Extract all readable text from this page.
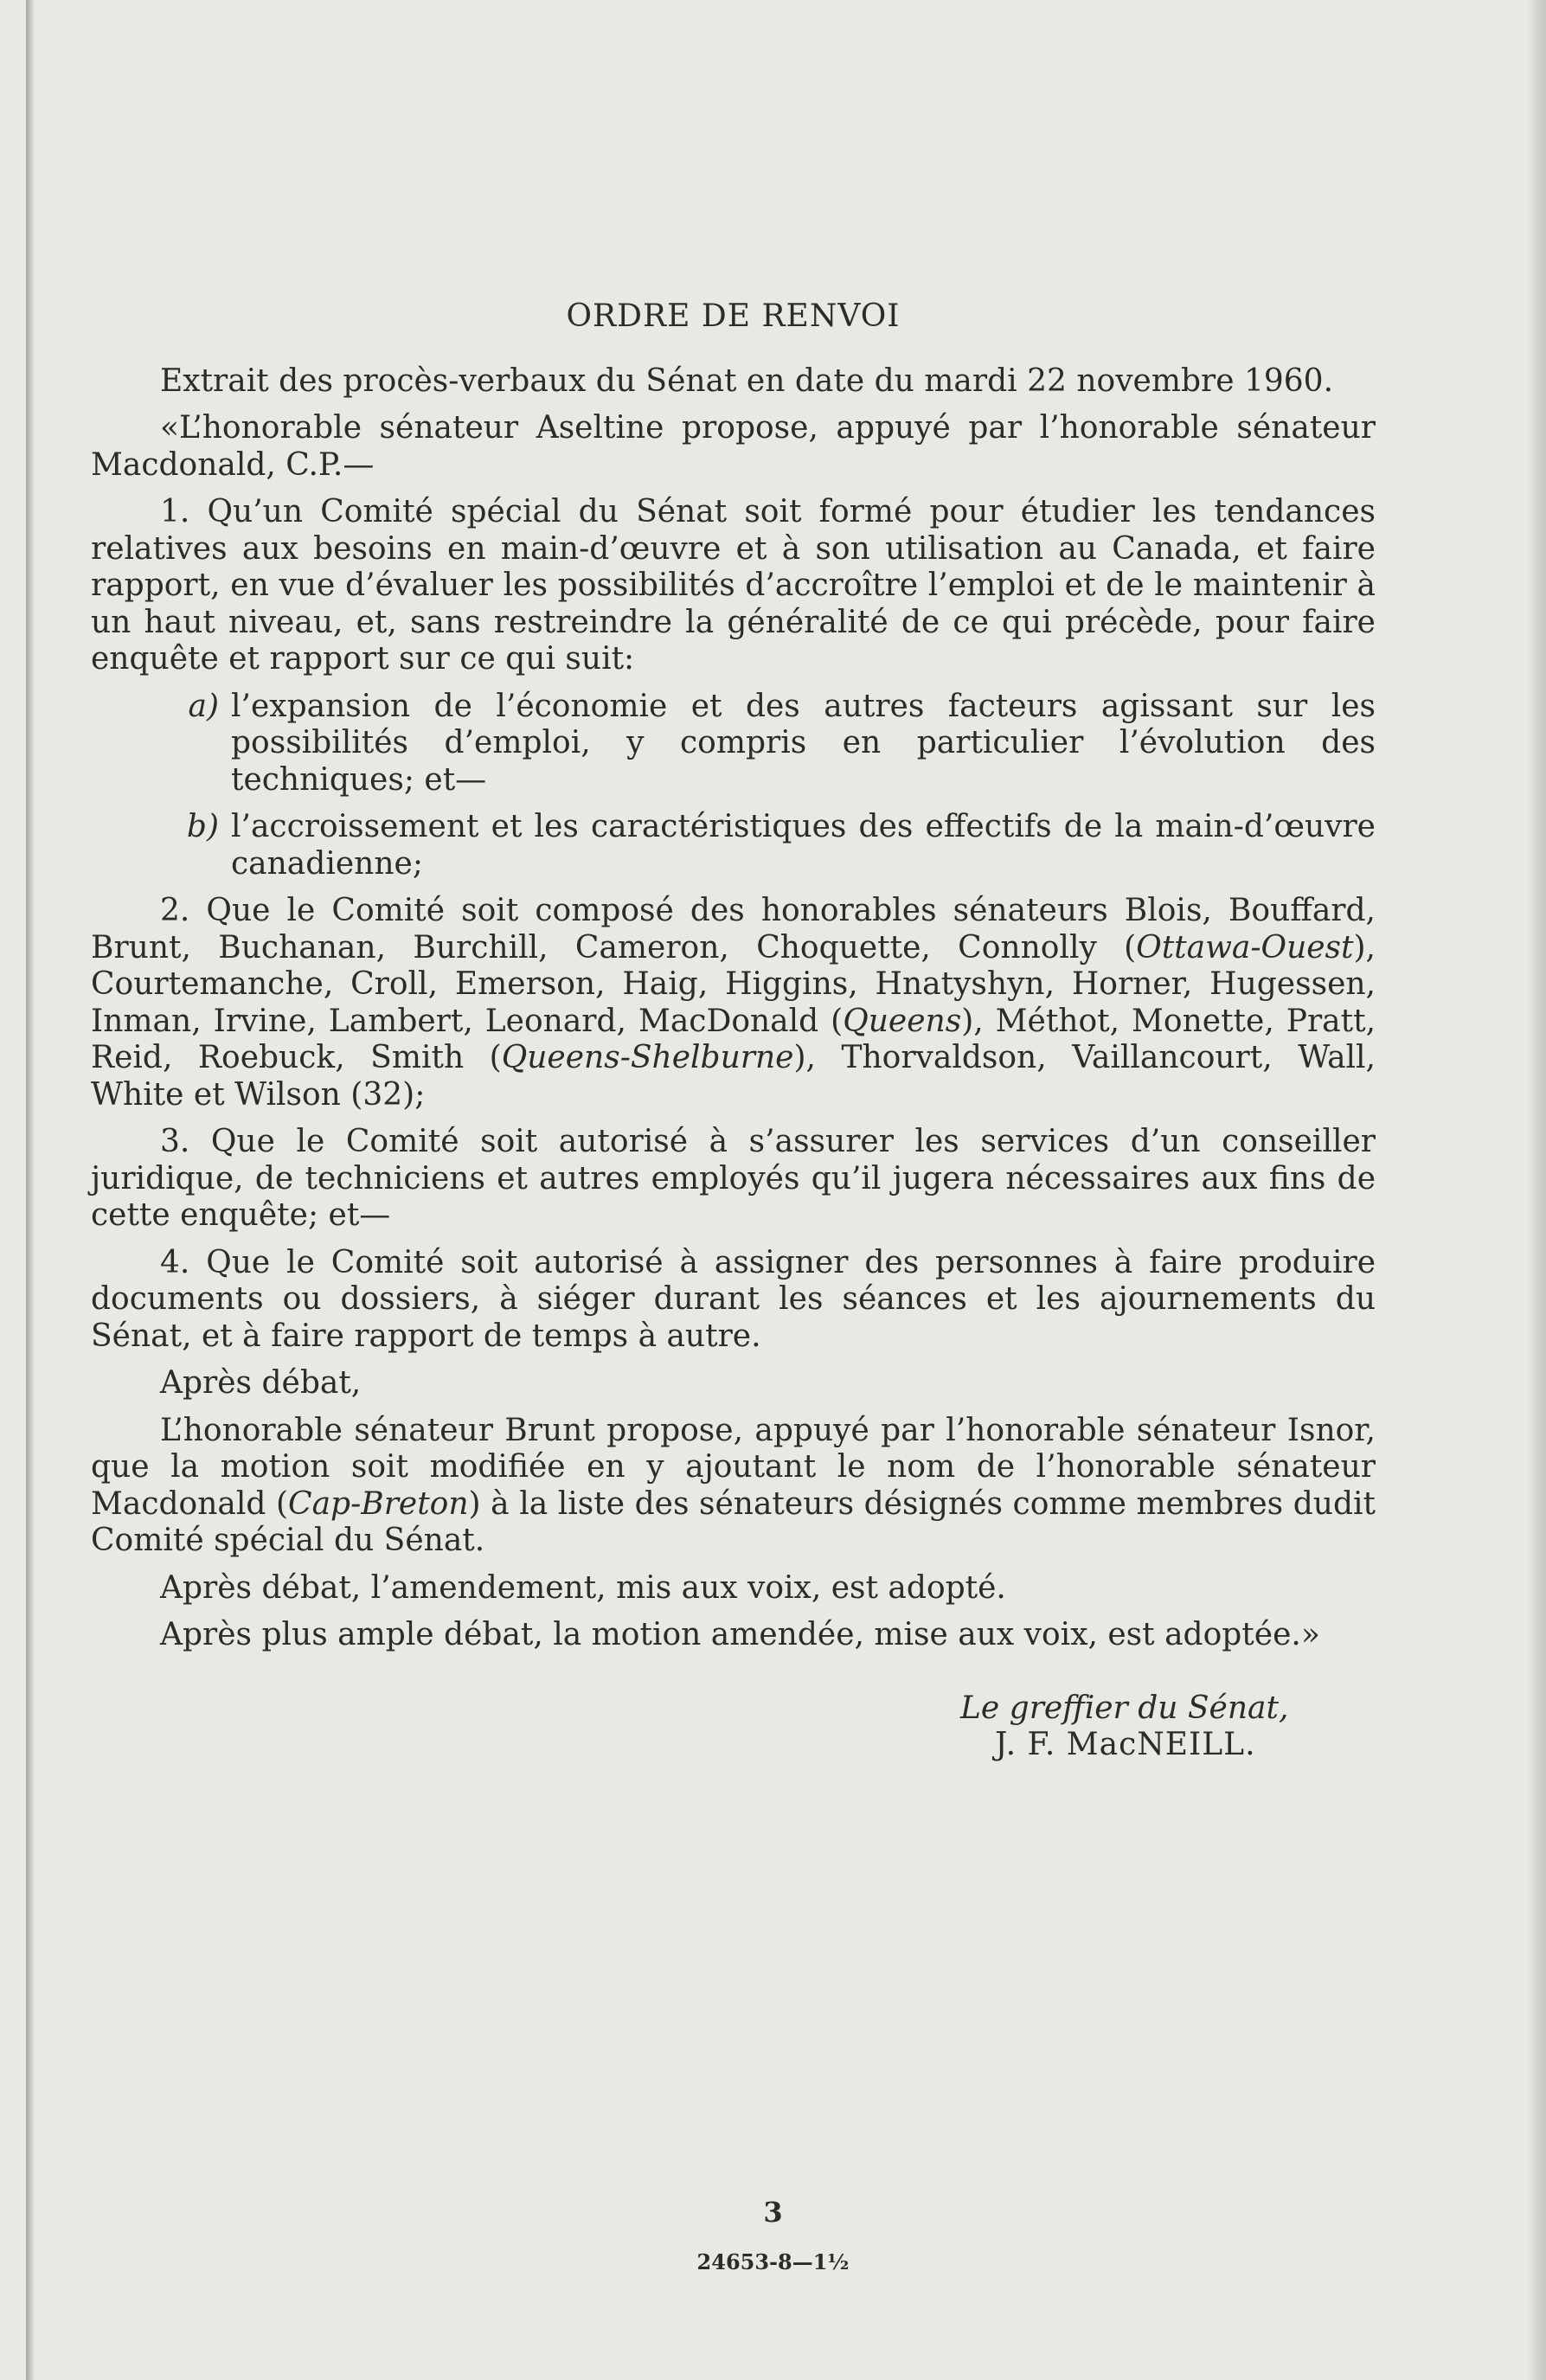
ORDRE DE RENVOI

Extrait des procès-verbaux du Sénat en date du mardi 22 novembre 1960.

«L’honorable sénateur Aseltine propose, appuyé par l’honorable sénateur Macdonald, C.P.—

1. Qu’un Comité spécial du Sénat soit formé pour étudier les tendances relatives aux besoins en main-d’œuvre et à son utilisation au Canada, et faire rapport, en vue d’évaluer les possibilités d’accroître l’emploi et de le maintenir à un haut niveau, et, sans restreindre la généralité de ce qui précède, pour faire enquête et rapport sur ce qui suit:

a) l’expansion de l’économie et des autres facteurs agissant sur les possibilités d’emploi, y compris en particulier l’évolution des techniques; et—
b) l’accroissement et les caractéristiques des effectifs de la main-d’œuvre canadienne;

2. Que le Comité soit composé des honorables sénateurs Blois, Bouffard, Brunt, Buchanan, Burchill, Cameron, Choquette, Connolly (Ottawa-Ouest), Courtemanche, Croll, Emerson, Haig, Higgins, Hnatyshyn, Horner, Hugessen, Inman, Irvine, Lambert, Leonard, MacDonald (Queens), Méthot, Monette, Pratt, Reid, Roebuck, Smith (Queens-Shelburne), Thorvaldson, Vaillancourt, Wall, White et Wilson (32);

3. Que le Comité soit autorisé à s’assurer les services d’un conseiller juridique, de techniciens et autres employés qu’il jugera nécessaires aux fins de cette enquête; et—

4. Que le Comité soit autorisé à assigner des personnes à faire produire documents ou dossiers, à siéger durant les séances et les ajournements du Sénat, et à faire rapport de temps à autre.

Après débat,

L’honorable sénateur Brunt propose, appuyé par l’honorable sénateur Isnor, que la motion soit modifiée en y ajoutant le nom de l’honorable sénateur Macdonald (Cap-Breton) à la liste des sénateurs désignés comme membres dudit Comité spécial du Sénat.

Après débat, l’amendement, mis aux voix, est adopté.

Après plus ample débat, la motion amendée, mise aux voix, est adoptée.»

Le greffier du Sénat,
J. F. MacNEILL.
3
24653-8—1½
